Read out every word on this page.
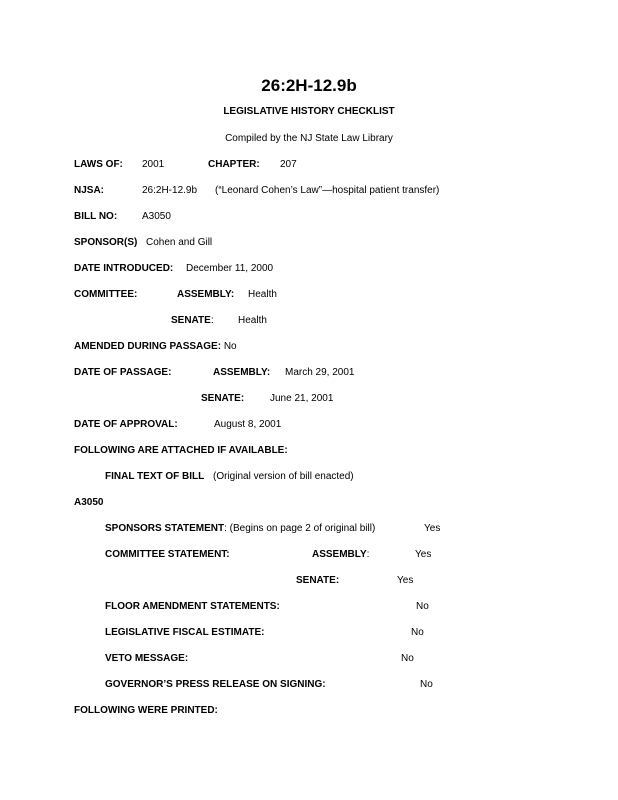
26:2H-12.9b
LEGISLATIVE HISTORY CHECKLIST
Compiled by the NJ State Law Library
LAWS OF: 2001	CHAPTER: 207
NJSA:	26:2H-12.9b (“Leonard Cohen’s Law”—hospital patient transfer)
BILL NO: A3050
SPONSOR(S) Cohen and Gill
DATE INTRODUCED: December 11, 2000
COMMITTEE:	ASSEMBLY: Health
SENATE: Health
AMENDED DURING PASSAGE: No
DATE OF PASSAGE:	ASSEMBLY: March 29, 2001
SENATE:	June 21, 2001
DATE OF APPROVAL:	August 8, 2001
FOLLOWING ARE ATTACHED IF AVAILABLE:
FINAL TEXT OF BILL (Original version of bill enacted)
A3050
SPONSORS STATEMENT: (Begins on page 2 of original bill)	Yes
COMMITTEE STATEMENT:	ASSEMBLY:	Yes
SENATE:	Yes
FLOOR AMENDMENT STATEMENTS:	No
LEGISLATIVE FISCAL ESTIMATE:	No
VETO MESSAGE:	No
GOVERNOR’S PRESS RELEASE ON SIGNING:	No
FOLLOWING WERE PRINTED:
